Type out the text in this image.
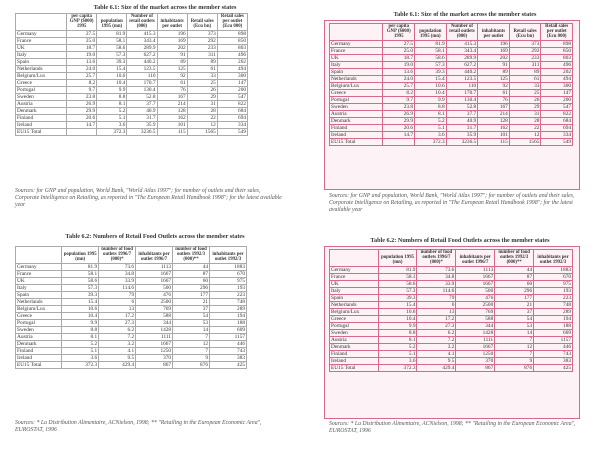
Table 6.1: Size of the market across the member states
	per capita GNP ($000) 1995	population 1995 (mn)	Number of retail outlets (000)	inhabitants per outlet	Retail sales (Ecu bn)	Retail sales per outlet (Ecu 000)
Germany	27.5	81.9	415.3	196	373	898
France	25.0	58.1	343.4	169	292	850
UK	18.7	58.6	289.9	202	233	803
Italy	19.0	57.3	627.2	91	311	496
Spain	13.6	39.3	440.2	89	89	202
Netherlands	24.0	15.4	123.5	125	61	494
Belgium/Lux	25.7	10.6	110	92	33	300
Greece	8.2	10.4	170.7	61	25	147
Portugal	9.7	9.9	130.4	76	26	200
Sweden	23.8	8.8	52.8	167	29	547
Austria	26.9	8.1	37.7	214	31	822
Denmark	29.9	5.2	40.9	128	28	684
Finland	20.6	5.1	31.7	162	22	694
Ireland	14.7	3.6	35.9	101	12	334
EU15 Total		372.3	3236.5	115	1565	549
Sources: for GNP and population, World Bank, "World Atlas 1997"; for number of outlets and their sales, Corporate Intelligence on Retailing, as reported in "The European Retail Handbook 1998"; for the latest available year
Table 6.2: Numbers of Retail Food Outlets across the member states
	population 1995 (mn)	number of food outlets 1996/7 (000)*	inhabitants per outlet 1996/7	number of food outlets 1992/3 (000)**	inhabitants per outlet 1992/3
Germany	81.9	73.6	1113	44	1883
France	58.1	34.8	1667	87	670
UK	58.6	33.9	1667	60	975
Italy	57.3	114.6	500	296	193
Spain	39.3	79	476	177	223
Netherlands	15.4	6	2500	21	748
Belgium/Lux	10.6	13	769	37	289
Greece	10.4	17.2	588	54	194
Portugal	9.9	27.3	344	53	188
Sweden	8.8	6.2	1428	14	609
Austria	8.1	7.2	1111	7	1157
Denmark	5.2	3.2	1667	12	446
Finland	5.1	4.1	1250	7	743
Ireland	3.6	9.5	370	9	383
EU15 Total	372.3	429.4	867	876	425
Sources: * La Distribution Alimentaire, ACNielson, 1998; ** "Retailing in the European Economic Area", EUROSTAT, 1996
Table 6.1: Size of the market across the member states
	per capita GNP ($000) 1995	population 1995 (mn)	Number of retail outlets (000)	inhabitants per outlet	Retail sales (Ecu bn)	Retail sales per outlet (Ecu 000)
Germany	27.5	81.9	415.3	196	373	898
France	25.0	58.1	343.4	169	292	850
UK	18.7	58.6	289.9	202	233	803
Italy	19.0	57.3	627.2	91	311	496
Spain	13.6	39.3	440.2	89	89	202
Netherlands	24.0	15.4	123.5	125	61	494
Belgium/Lux	25.7	10.6	110	92	33	300
Greece	8.2	10.4	170.7	61	25	147
Portugal	9.7	9.9	130.4	76	26	200
Sweden	23.8	8.8	52.8	167	29	547
Austria	26.9	8.1	37.7	214	31	822
Denmark	29.9	5.2	40.9	128	28	684
Finland	20.6	5.1	31.7	162	22	694
Ireland	14.7	3.6	35.9	101	12	334
EU15 Total		372.3	3236.5	115	1565	549
Sources: for GNP and population, World Bank, "World Atlas 1997"; for number of outlets and their sales, Corporate Intelligence on Retailing, as reported in "The European Retail Handbook 1998"; for the latest available year
Table 6.2: Numbers of Retail Food Outlets across the member states
	population 1995 (mn)	number of food outlets 1996/7 (000)*	inhabitants per outlet 1996/7	number of food outlets 1992/3 (000)**	inhabitants per outlet 1992/3
Germany	81.9	73.6	1113	44	1883
France	58.1	34.8	1667	87	670
UK	58.6	33.9	1667	60	975
Italy	57.3	114.6	500	296	193
Spain	39.3	79	476	177	223
Netherlands	15.4	6	2500	21	748
Belgium/Lux	10.6	13	769	37	289
Greece	10.4	17.2	588	54	194
Portugal	9.9	27.3	344	53	188
Sweden	8.8	6.2	1428	14	609
Austria	8.1	7.2	1111	7	1157
Denmark	5.2	3.2	1667	12	446
Finland	5.1	4.1	1250	7	743
Ireland	3.6	9.5	370	9	383
EU15 Total	372.3	429.4	867	876	425
Sources: * La Distribution Alimentaire, ACNielson, 1998; ** "Retailing in the European Economic Area", EUROSTAT, 1996
